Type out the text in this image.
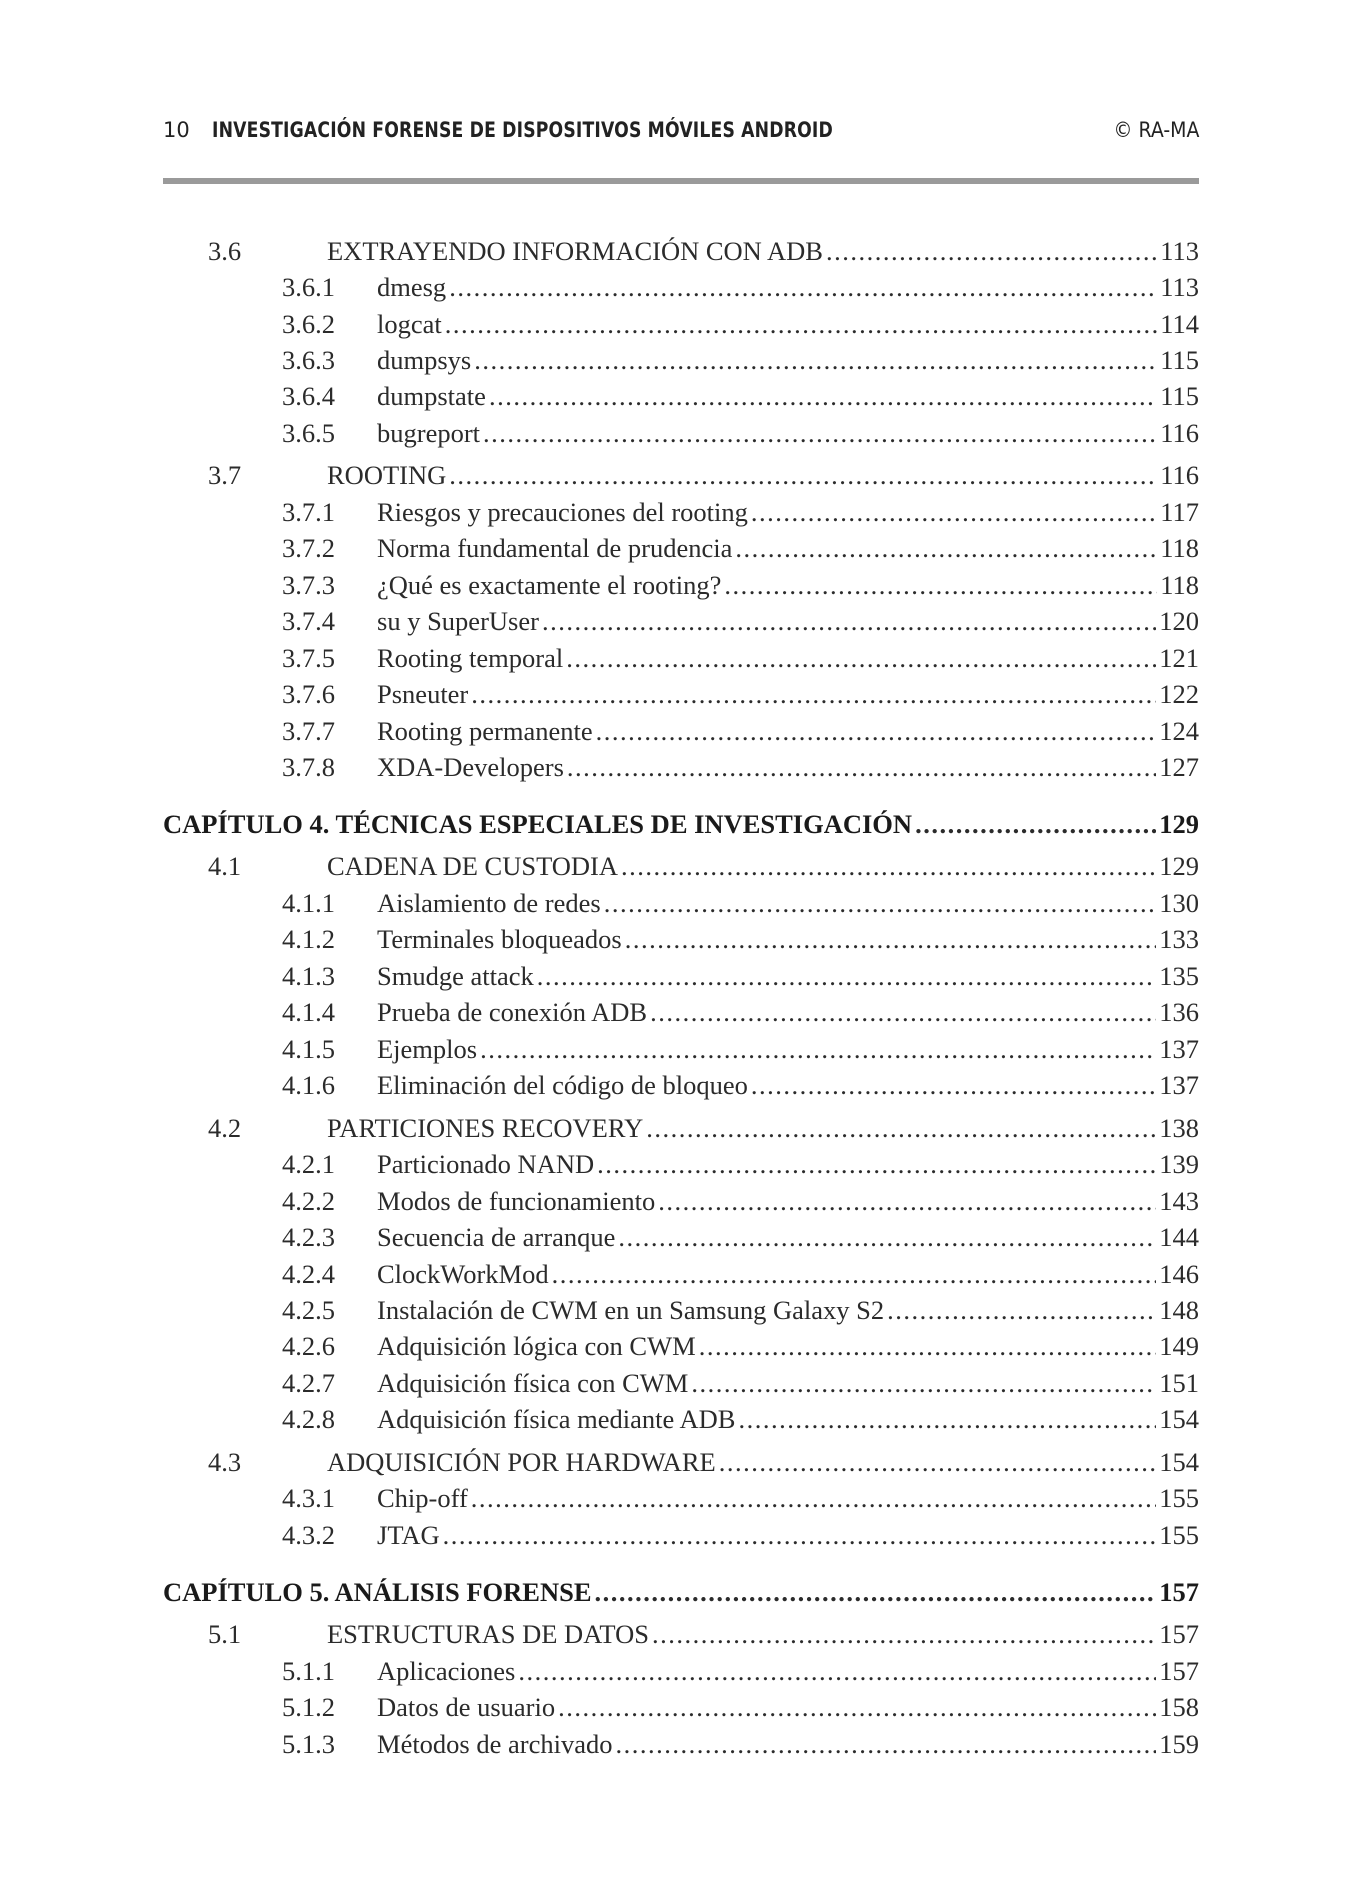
10 INVESTIGACIÓN FORENSE DE DISPOSITIVOS MÓVILES ANDROID	© RA-MA
3.6	EXTRAYENDO INFORMACIÓN CON ADB .....	113
3.6.1	dmesg .....	113
3.6.2	logcat .....	114
3.6.3	dumpsys .....	115
3.6.4	dumpstate .....	115
3.6.5	bugreport .....	116
3.7	ROOTING .....	116
3.7.1	Riesgos y precauciones del rooting .....	117
3.7.2	Norma fundamental de prudencia .....	118
3.7.3	¿Qué es exactamente el rooting? .....	118
3.7.4	su y SuperUser .....	120
3.7.5	Rooting temporal .....	121
3.7.6	Psneuter .....	122
3.7.7	Rooting permanente .....	124
3.7.8	XDA-Developers .....	127
CAPÍTULO 4. TÉCNICAS ESPECIALES DE INVESTIGACIÓN .....	129
4.1	CADENA DE CUSTODIA .....	129
4.1.1	Aislamiento de redes .....	130
4.1.2	Terminales bloqueados .....	133
4.1.3	Smudge attack .....	135
4.1.4	Prueba de conexión ADB .....	136
4.1.5	Ejemplos .....	137
4.1.6	Eliminación del código de bloqueo .....	137
4.2	PARTICIONES RECOVERY .....	138
4.2.1	Particionado NAND .....	139
4.2.2	Modos de funcionamiento .....	143
4.2.3	Secuencia de arranque .....	144
4.2.4	ClockWorkMod .....	146
4.2.5	Instalación de CWM en un Samsung Galaxy S2 .....	148
4.2.6	Adquisición lógica con CWM .....	149
4.2.7	Adquisición física con CWM .....	151
4.2.8	Adquisición física mediante ADB .....	154
4.3	ADQUISICIÓN POR HARDWARE .....	154
4.3.1	Chip-off .....	155
4.3.2	JTAG .....	155
CAPÍTULO 5. ANÁLISIS FORENSE .....	157
5.1	ESTRUCTURAS DE DATOS .....	157
5.1.1	Aplicaciones .....	157
5.1.2	Datos de usuario .....	158
5.1.3	Métodos de archivado .....	159
